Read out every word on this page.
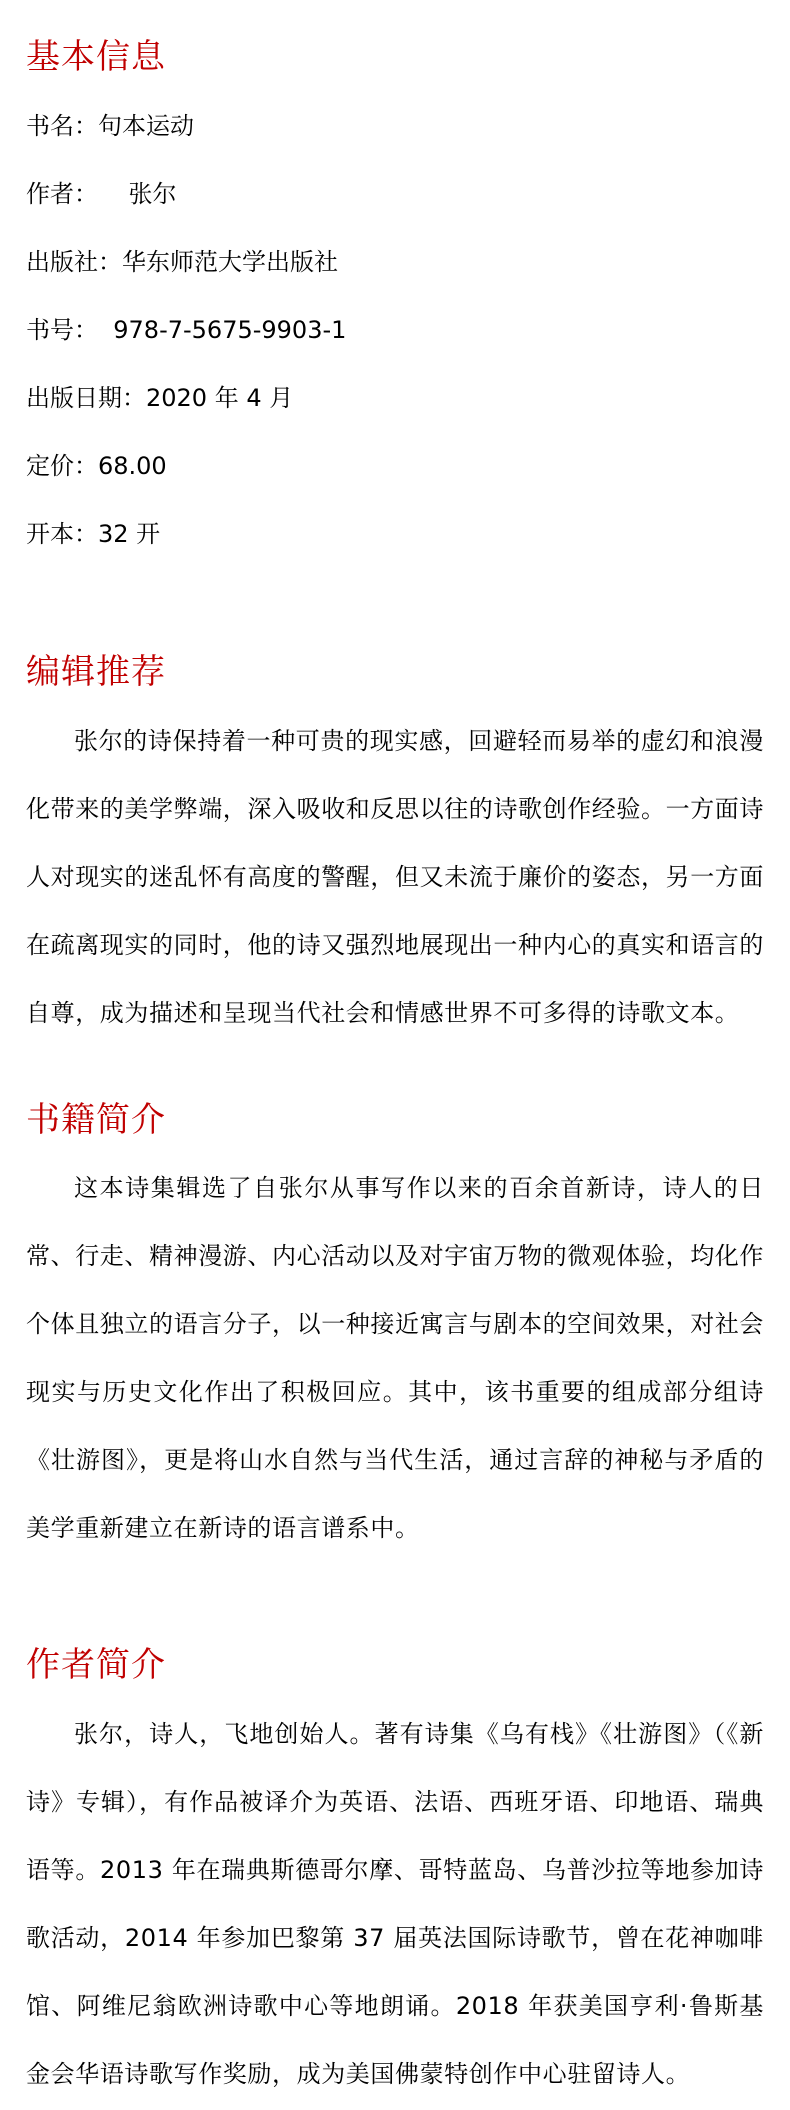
基本信息

书名：句本运动

作者：    张尔

出版社：华东师范大学出版社

书号：  978-7-5675-9903-1

出版日期：2020 年 4 月

定价：68.00

开本：32 开

编辑推荐

张尔的诗保持着一种可贵的现实感，回避轻而易举的虚幻和浪漫化带来的美学弊端，深入吸收和反思以往的诗歌创作经验。一方面诗人对现实的迷乱怀有高度的警醒，但又未流于廉价的姿态，另一方面在疏离现实的同时，他的诗又强烈地展现出一种内心的真实和语言的自尊，成为描述和呈现当代社会和情感世界不可多得的诗歌文本。

书籍简介

这本诗集辑选了自张尔从事写作以来的百余首新诗，诗人的日常、行走、精神漫游、内心活动以及对宇宙万物的微观体验，均化作个体且独立的语言分子，以一种接近寓言与剧本的空间效果，对社会现实与历史文化作出了积极回应。其中，该书重要的组成部分组诗《壮游图》，更是将山水自然与当代生活，通过言辞的神秘与矛盾的美学重新建立在新诗的语言谱系中。

作者简介

张尔，诗人，飞地创始人。著有诗集《乌有栈》《壮游图》（《新诗》专辑），有作品被译介为英语、法语、西班牙语、印地语、瑞典语等。2013 年在瑞典斯德哥尔摩、哥特蓝岛、乌普沙拉等地参加诗歌活动，2014 年参加巴黎第 37 届英法国际诗歌节，曾在花神咖啡馆、阿维尼翁欧洲诗歌中心等地朗诵。2018 年获美国亨利·鲁斯基金会华语诗歌写作奖励，成为美国佛蒙特创作中心驻留诗人。
